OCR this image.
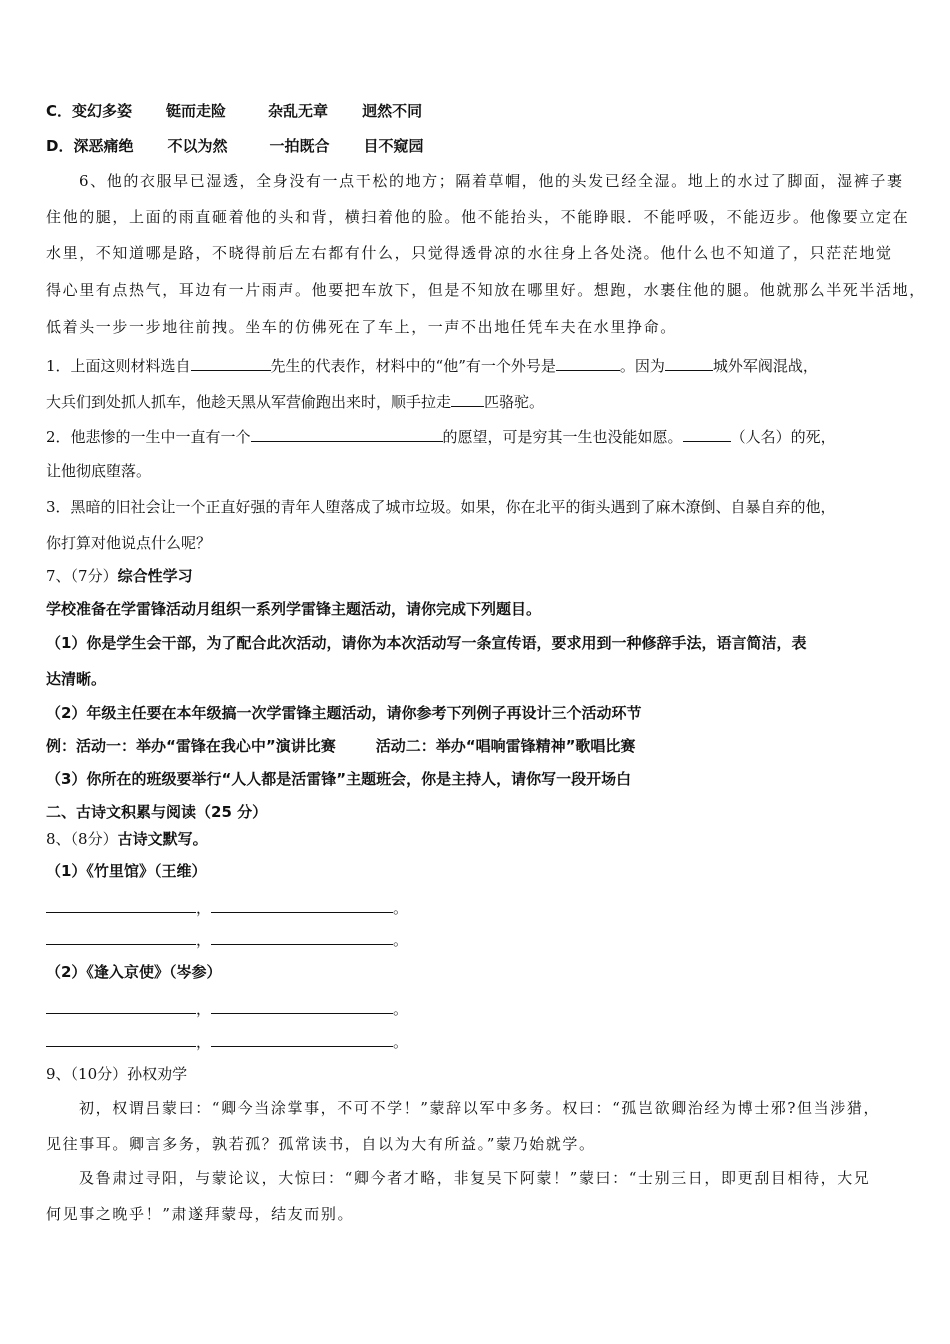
C．变幻多姿 铤而走险	杂乱无章 迥然不同
D．深恶痛绝 不以为然	一拍既合 目不窥园
6、他的衣服早已湿透，全身没有一点干松的地方；隔着草帽，他的头发已经全湿。地上的水过了脚面，湿裤子裹
住他的腿，上面的雨直砸着他的头和背，横扫着他的脸。他不能抬头，不能睁眼．不能呼吸，不能迈步。他像要立定在
水里，不知道哪是路，不晓得前后左右都有什么，只觉得透骨凉的水往身上各处浇。他什么也不知道了，只茫茫地觉
得心里有点热气，耳边有一片雨声。他要把车放下，但是不知放在哪里好。想跑，水裹住他的腿。他就那么半死半活地，
低着头一步一步地往前拽。坐车的仿佛死在了车上，一声不出地任凭车夫在水里挣命。
1．上面这则材料选自	先生的代表作，材料中的“他”有一个外号是	。因为	城外军阀混战，
大兵们到处抓人抓车，他趁天黑从军营偷跑出来时，顺手拉走 匹骆驼。
2．他悲惨的一生中一直有一个	的愿望，可是穷其一生也没能如愿。	（人名）的死，
让他彻底堕落。
3．黑暗的旧社会让一个正直好强的青年人堕落成了城市垃圾。如果，你在北平的街头遇到了麻木潦倒、自暴自弃的他，
你打算对他说点什么呢？
7、（7分）综合性学习
学校准备在学雷锋活动月组织一系列学雷锋主题活动，请你完成下列题目。
（1）你是学生会干部，为了配合此次活动，请你为本次活动写一条宣传语，要求用到一种修辞手法，语言简洁，表
达清晰。
（2）年级主任要在本年级搞一次学雷锋主题活动，请你参考下列例子再设计三个活动环节
例：活动一：举办“雷锋在我心中”演讲比赛	活动二：举办“唱响雷锋精神”歌唱比赛
（3）你所在的班级要举行“人人都是活雷锋”主题班会，你是主持人，请你写一段开场白
二、古诗文积累与阅读（25 分）
8、（8分）古诗文默写。
（1）《竹里馆》（王维）
，	。
，	。
（2）《逢入京使》（岑参）
，	。
，	。
9、（10分）孙权劝学
初，权谓吕蒙曰：“卿今当涂掌事，不可不学！”蒙辞以军中多务。权曰：“孤岂欲卿治经为博士邪?但当涉猎，
见往事耳。卿言多务，孰若孤？孤常读书，自以为大有所益。”蒙乃始就学。
及鲁肃过寻阳，与蒙论议，大惊曰：“卿今者才略，非复吴下阿蒙！”蒙曰：“士别三日，即更刮目相待，大兄
何见事之晚乎！”肃遂拜蒙母，结友而别。
